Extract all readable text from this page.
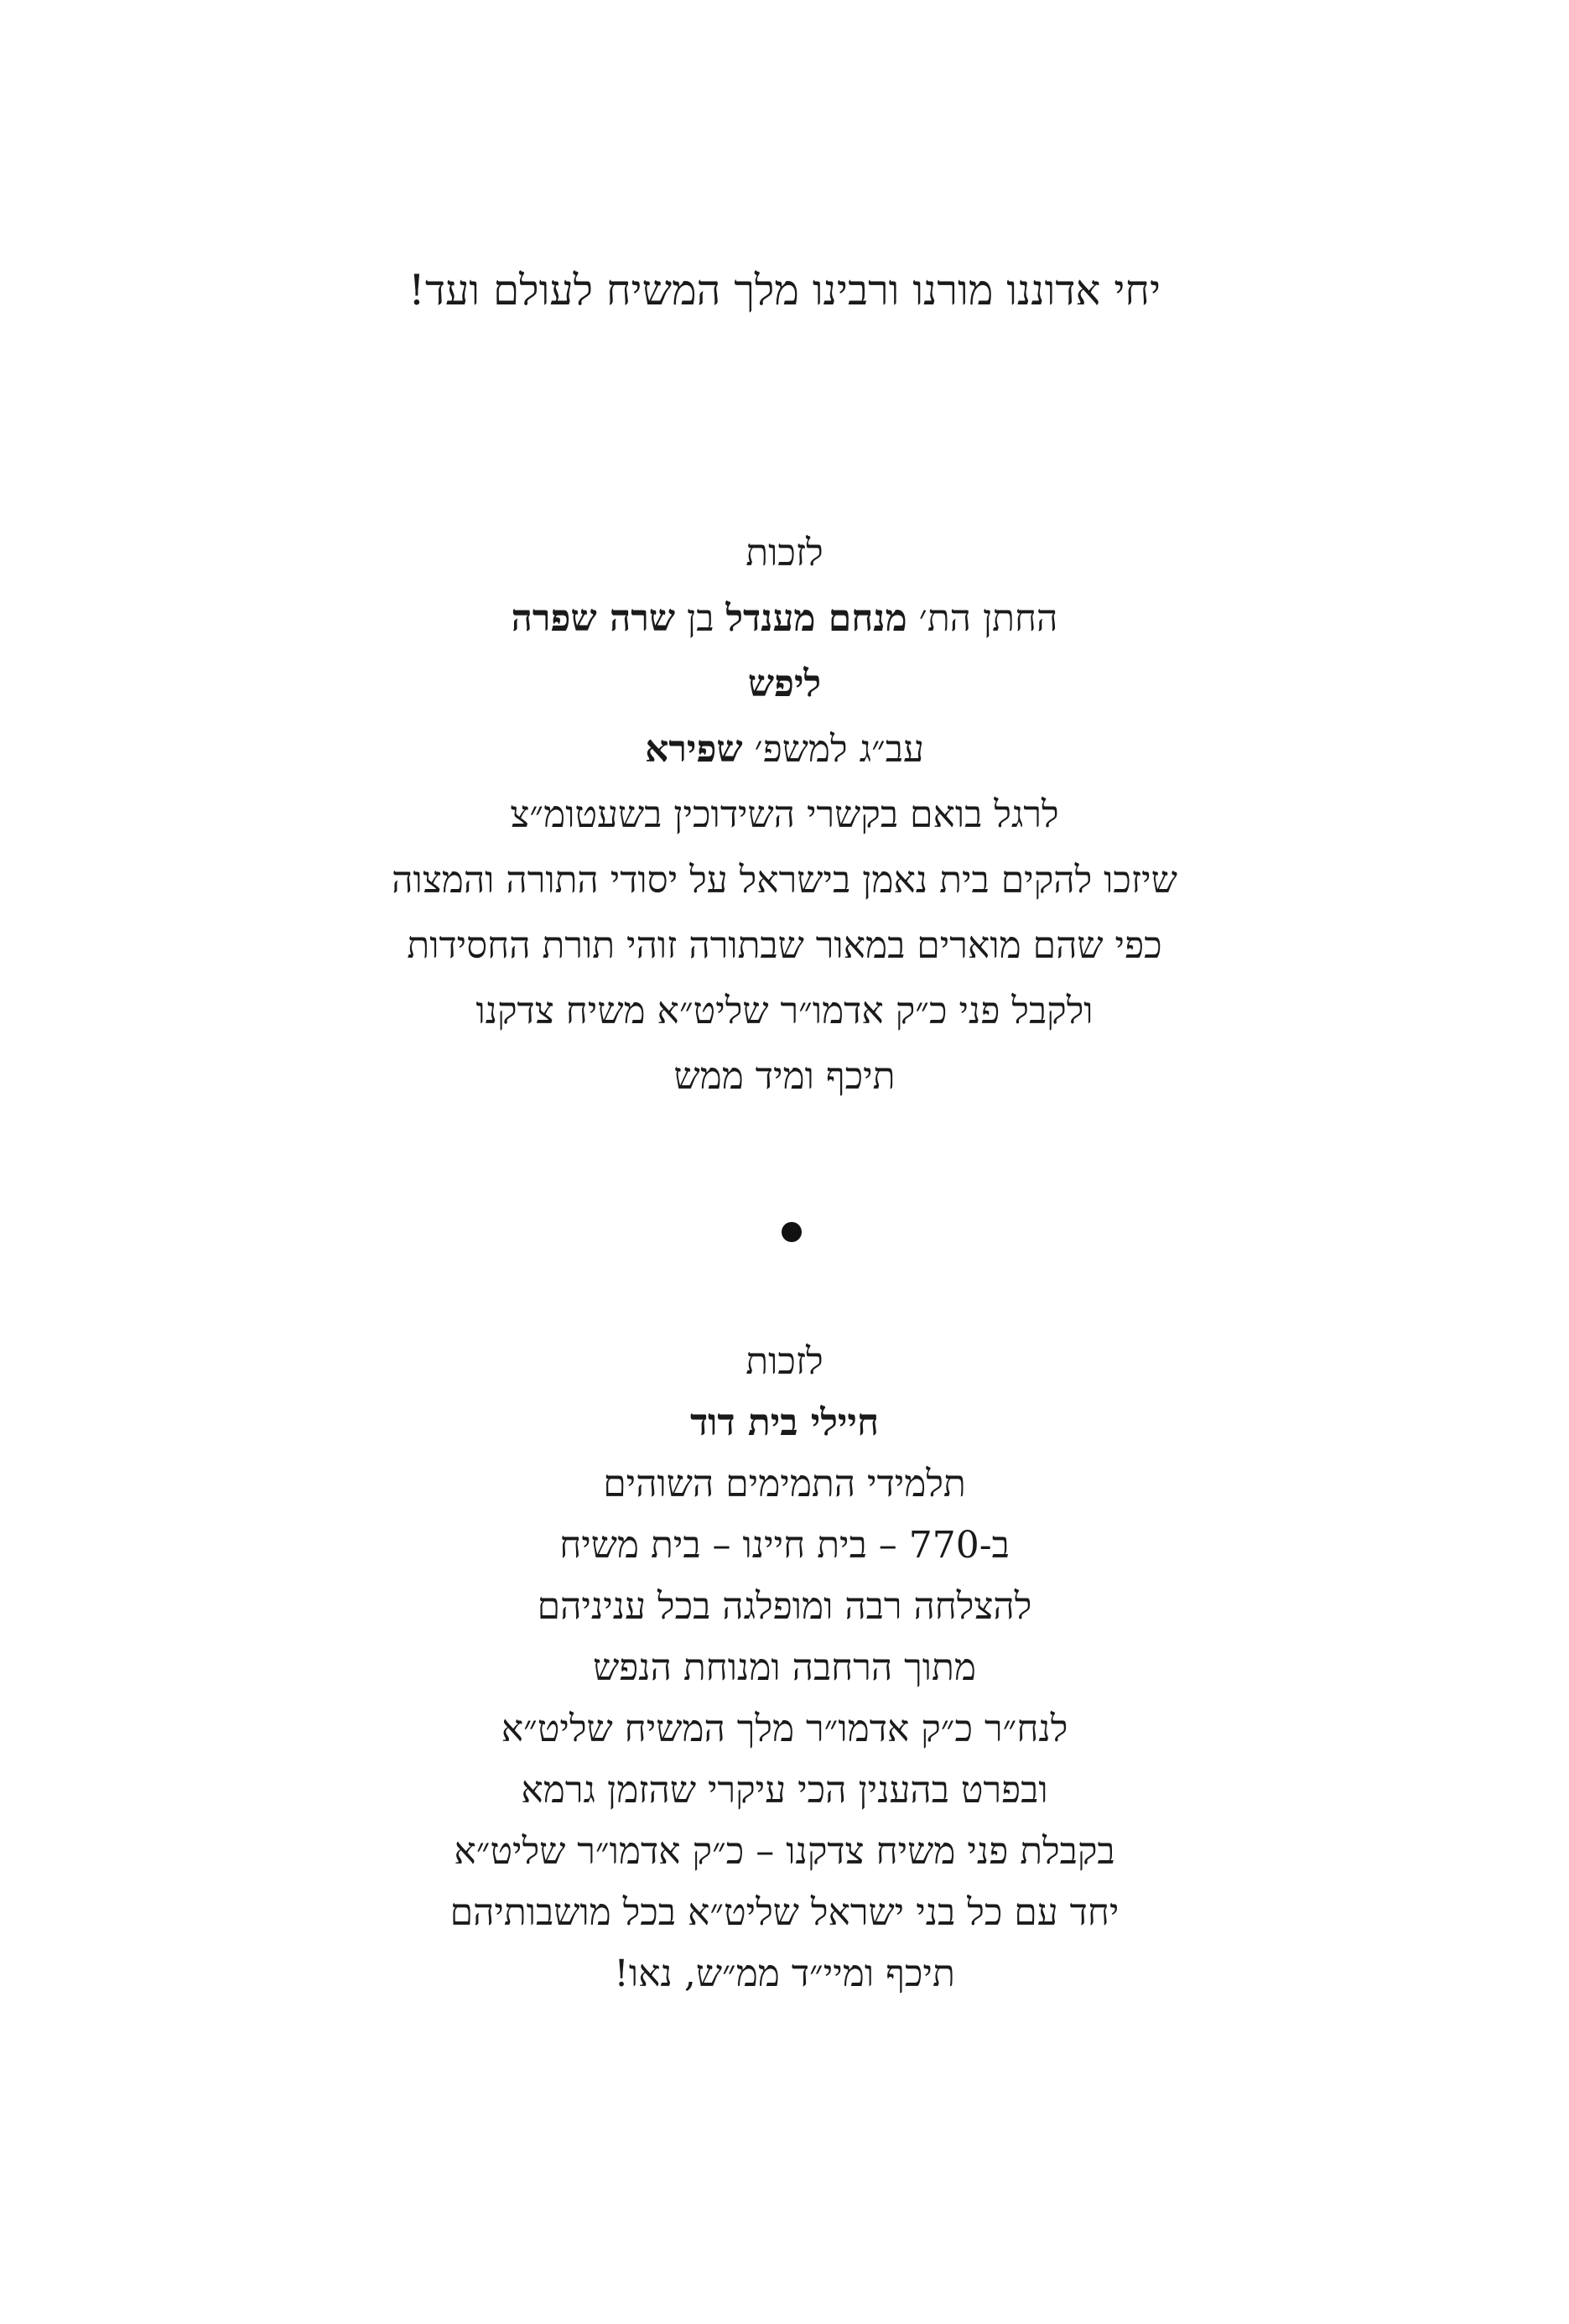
יחי אדוננו מורנו ורבינו מלך המשיח לעולם ועד!
לזכות
החתן הת׳ מנחם מענדל בן שרה שפרה
ליפש
עב״ג למשפ׳ שפירא
לרגל בואם בקשרי השידוכין בשעטומ״צ
שיזכו להקים בית נאמן בישראל על יסודי התורה והמצוה
כפי שהם מוארים במאור שבתורה זוהי תורת החסידות
ולקבל פני כ״ק אדמו״ר שליט״א משיח צדקנו
תיכף ומיד ממש
לזכות
חיילי בית דוד
תלמידי התמימים השוהים
ב-770 – בית חיינו – בית משיח
להצלחה רבה ומופלגה בכל עניניהם
מתוך הרחבה ומנוחת הנפש
לנח״ר כ״ק אדמו״ר מלך המשיח שליט״א
ובפרט בהענין הכי עיקרי שהזמן גרמא
בקבלת פני משיח צדקנו – כ״ק אדמו״ר שליט״א
יחד עם כל בני ישראל שליט״א בכל מושבותיהם
תיכף ומיי״ד ממ״ש, נאו!
